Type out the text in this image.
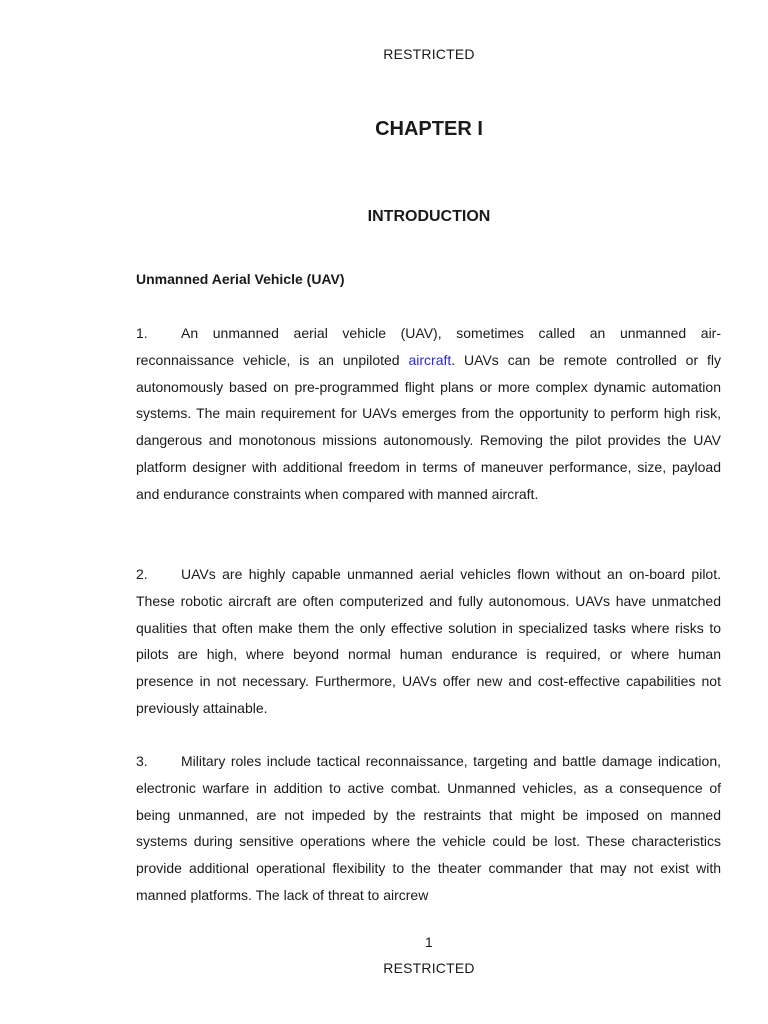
RESTRICTED
CHAPTER I
INTRODUCTION
Unmanned Aerial Vehicle (UAV)

1. An unmanned aerial vehicle (UAV), sometimes called an unmanned air-reconnaissance vehicle, is an unpiloted aircraft. UAVs can be remote controlled or fly autonomously based on pre-programmed flight plans or more complex dynamic automation systems. The main requirement for UAVs emerges from the opportunity to perform high risk, dangerous and monotonous missions autonomously. Removing the pilot provides the UAV platform designer with additional freedom in terms of maneuver performance, size, payload and endurance constraints when compared with manned aircraft.

2. UAVs are highly capable unmanned aerial vehicles flown without an on-board pilot. These robotic aircraft are often computerized and fully autonomous. UAVs have unmatched qualities that often make them the only effective solution in specialized tasks where risks to pilots are high, where beyond normal human endurance is required, or where human presence in not necessary. Furthermore, UAVs offer new and cost-effective capabilities not previously attainable.

3. Military roles include tactical reconnaissance, targeting and battle damage indication, electronic warfare in addition to active combat. Unmanned vehicles, as a consequence of being unmanned, are not impeded by the restraints that might be imposed on manned systems during sensitive operations where the vehicle could be lost. These characteristics provide additional operational flexibility to the theater commander that may not exist with manned platforms. The lack of threat to aircrew

1
RESTRICTED
